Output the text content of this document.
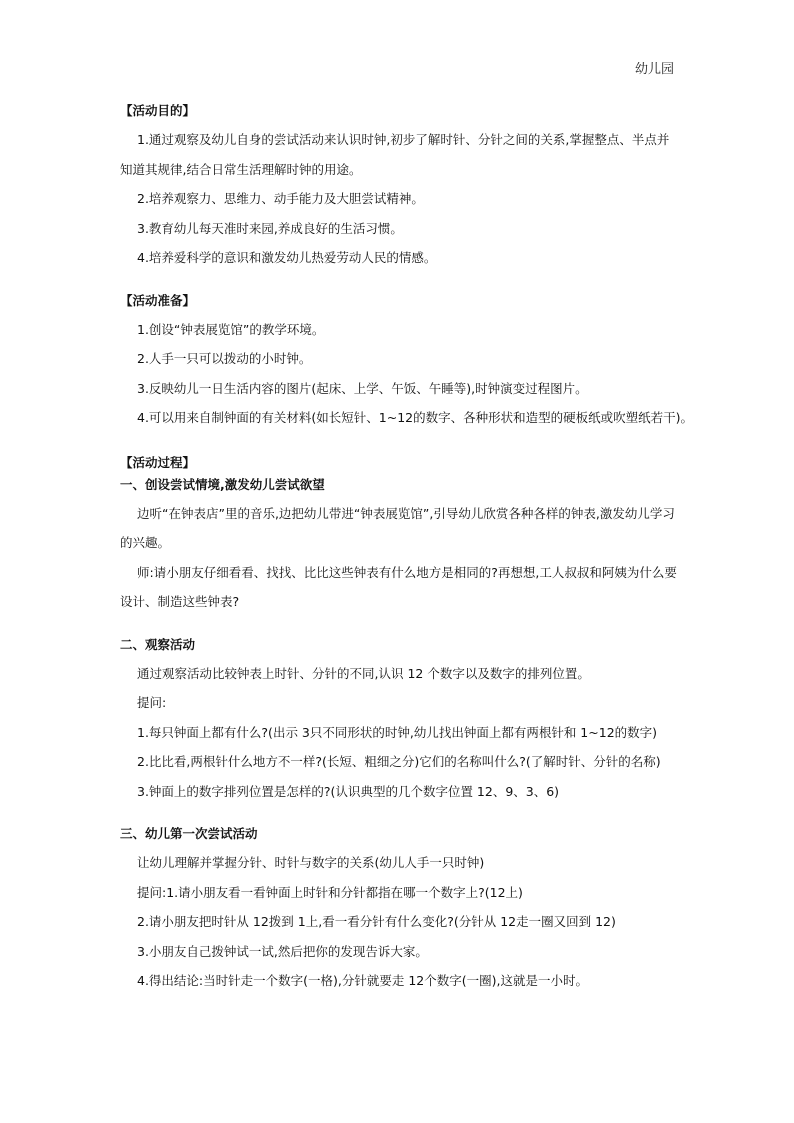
幼儿园

【活动目的】

1.通过观察及幼儿自身的尝试活动来认识时钟,初步了解时针、分针之间的关系,掌握整点、半点并知道其规律,结合日常生活理解时钟的用途。

2.培养观察力、思维力、动手能力及大胆尝试精神。

3.教育幼儿每天准时来园,养成良好的生活习惯。

4.培养爱科学的意识和激发幼儿热爱劳动人民的情感。

【活动准备】

1.创设“钟表展览馆”的教学环境。

2.人手一只可以拨动的小时钟。

3.反映幼儿一日生活内容的图片(起床、上学、午饭、午睡等),时钟演变过程图片。

4.可以用来自制钟面的有关材料(如长短针、1~12的数字、各种形状和造型的硬板纸或吹塑纸若干)。

【活动过程】

一、创设尝试情境,激发幼儿尝试欲望

边听“在钟表店”里的音乐,边把幼儿带进“钟表展览馆”,引导幼儿欣赏各种各样的钟表,激发幼儿学习的兴趣。

师:请小朋友仔细看看、找找、比比这些钟表有什么地方是相同的?再想想,工人叔叔和阿姨为什么要设计、制造这些钟表?

二、观察活动

通过观察活动比较钟表上时针、分针的不同,认识 12 个数字以及数字的排列位置。

提问:

1.每只钟面上都有什么?(出示 3只不同形状的时钟,幼儿找出钟面上都有两根针和 1~12的数字)

2.比比看,两根针什么地方不一样?(长短、粗细之分)它们的名称叫什么?(了解时针、分针的名称)

3.钟面上的数字排列位置是怎样的?(认识典型的几个数字位置 12、9、3、6)

三、幼儿第一次尝试活动

让幼儿理解并掌握分针、时针与数字的关系(幼儿人手一只时钟)

提问:1.请小朋友看一看钟面上时针和分针都指在哪一个数字上?(12上)

2.请小朋友把时针从 12拨到 1上,看一看分针有什么变化?(分针从 12走一圈又回到 12)

3.小朋友自己拨钟试一试,然后把你的发现告诉大家。

4.得出结论:当时针走一个数字(一格),分针就要走 12个数字(一圈),这就是一小时。
